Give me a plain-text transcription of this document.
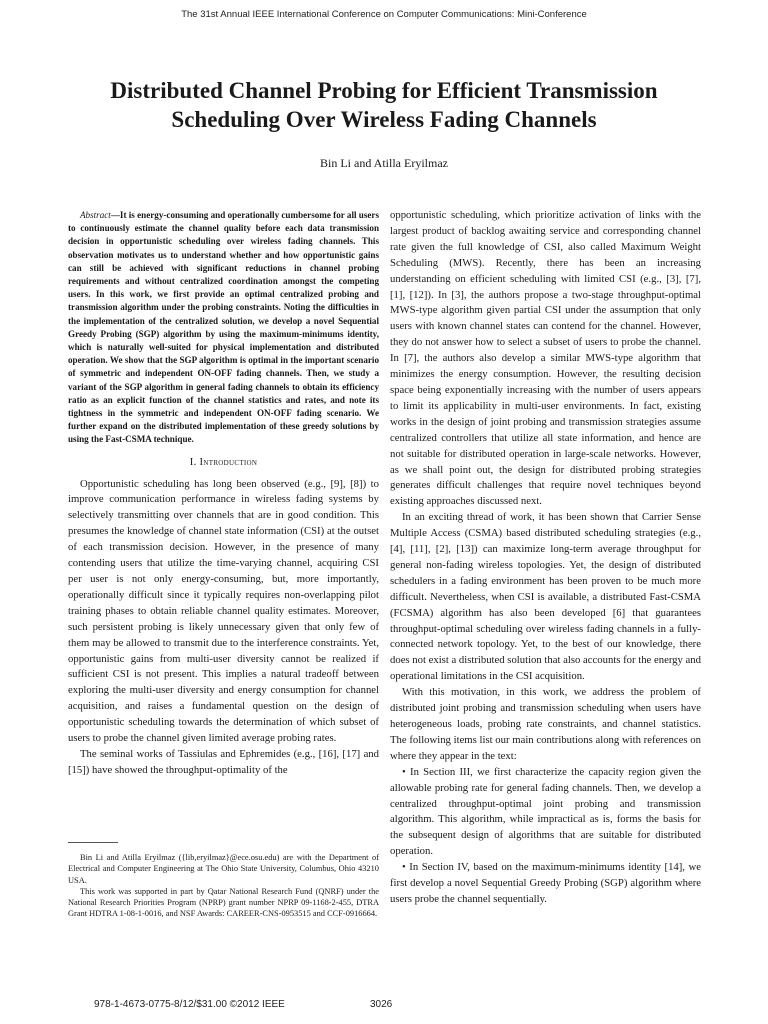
The 31st Annual IEEE International Conference on Computer Communications: Mini-Conference
Distributed Channel Probing for Efficient Transmission
Scheduling Over Wireless Fading Channels
Bin Li and Atilla Eryilmaz

Abstract—It is energy-consuming and operationally cumbersome for all users to continuously estimate the channel quality before each data transmission decision in opportunistic scheduling over wireless fading channels. This observation motivates us to understand whether and how opportunistic gains can still be achieved with significant reductions in channel probing requirements and without centralized coordination amongst the competing users. In this work, we first provide an optimal centralized probing and transmission algorithm under the probing constraints. Noting the difficulties in the implementation of the centralized solution, we develop a novel Sequential Greedy Probing (SGP) algorithm by using the maximum-minimums identity, which is naturally well-suited for physical implementation and distributed operation. We show that the SGP algorithm is optimal in the important scenario of symmetric and independent ON-OFF fading channels. Then, we study a variant of the SGP algorithm in general fading channels to obtain its efficiency ratio as an explicit function of the channel statistics and rates, and note its tightness in the symmetric and independent ON-OFF fading scenario. We further expand on the distributed implementation of these greedy solutions by using the Fast-CSMA technique.

I. Introduction

Opportunistic scheduling has long been observed (e.g., [9], [8]) to improve communication performance in wireless fading systems by selectively transmitting over channels that are in good condition. This presumes the knowledge of channel state information (CSI) at the outset of each transmission decision. However, in the presence of many contending users that utilize the time-varying channel, acquiring CSI per user is not only energy-consuming, but, more importantly, operationally difficult since it typically requires non-overlapping pilot training phases to obtain reliable channel quality estimates. Moreover, such persistent probing is likely unnecessary given that only few of them may be allowed to transmit due to the interference constraints. Yet, opportunistic gains from multi-user diversity cannot be realized if sufficient CSI is not present. This implies a natural tradeoff between exploring the multi-user diversity and energy consumption for channel acquisition, and raises a fundamental question on the design of opportunistic scheduling towards the determination of which subset of users to probe the channel given limited average probing rates.

The seminal works of Tassiulas and Ephremides (e.g., [16], [17] and [15]) have showed the throughput-optimality of the

Bin Li and Atilla Eryilmaz ({lib,eryilmaz}@ece.osu.edu) are with the Department of Electrical and Computer Engineering at The Ohio State University, Columbus, Ohio 43210 USA.

This work was supported in part by Qatar National Research Fund (QNRF) under the National Research Priorities Program (NPRP) grant number NPRP 09-1168-2-455, DTRA Grant HDTRA 1-08-1-0016, and NSF Awards: CAREER-CNS-0953515 and CCF-0916664.

opportunistic scheduling, which prioritize activation of links with the largest product of backlog awaiting service and corresponding channel rate given the full knowledge of CSI, also called Maximum Weight Scheduling (MWS). Recently, there has been an increasing understanding on efficient scheduling with limited CSI (e.g., [3], [7], [1], [12]). In [3], the authors propose a two-stage throughput-optimal MWS-type algorithm given partial CSI under the assumption that only users with known channel states can contend for the channel. However, they do not answer how to select a subset of users to probe the channel. In [7], the authors also develop a similar MWS-type algorithm that minimizes the energy consumption. However, the resulting decision space being exponentially increasing with the number of users appears to limit its applicability in multi-user environments. In fact, existing works in the design of joint probing and transmission strategies assume centralized controllers that utilize all state information, and hence are not suitable for distributed operation in large-scale networks. However, as we shall point out, the design for distributed probing strategies generates difficult challenges that require novel techniques beyond existing approaches discussed next.

In an exciting thread of work, it has been shown that Carrier Sense Multiple Access (CSMA) based distributed scheduling strategies (e.g., [4], [11], [2], [13]) can maximize long-term average throughput for general non-fading wireless topologies. Yet, the design of distributed schedulers in a fading environment has been proven to be much more difficult. Nevertheless, when CSI is available, a distributed Fast-CSMA (FCSMA) algorithm has also been developed [6] that guarantees throughput-optimal scheduling over wireless fading channels in a fully-connected network topology. Yet, to the best of our knowledge, there does not exist a distributed solution that also accounts for the energy and operational limitations in the CSI acquisition.

With this motivation, in this work, we address the problem of distributed joint probing and transmission scheduling when users have heterogeneous loads, probing rate constraints, and channel statistics. The following items list our main contributions along with references on where they appear in the text:

• In Section III, we first characterize the capacity region given the allowable probing rate for general fading channels. Then, we develop a centralized throughput-optimal joint probing and transmission algorithm. This algorithm, while impractical as is, forms the basis for the subsequent design of algorithms that are suitable for distributed operation.

• In Section IV, based on the maximum-minimums identity [14], we first develop a novel Sequential Greedy Probing (SGP) algorithm where users probe the channel sequentially.

978-1-4673-0775-8/12/$31.00 ©2012 IEEE	3026
